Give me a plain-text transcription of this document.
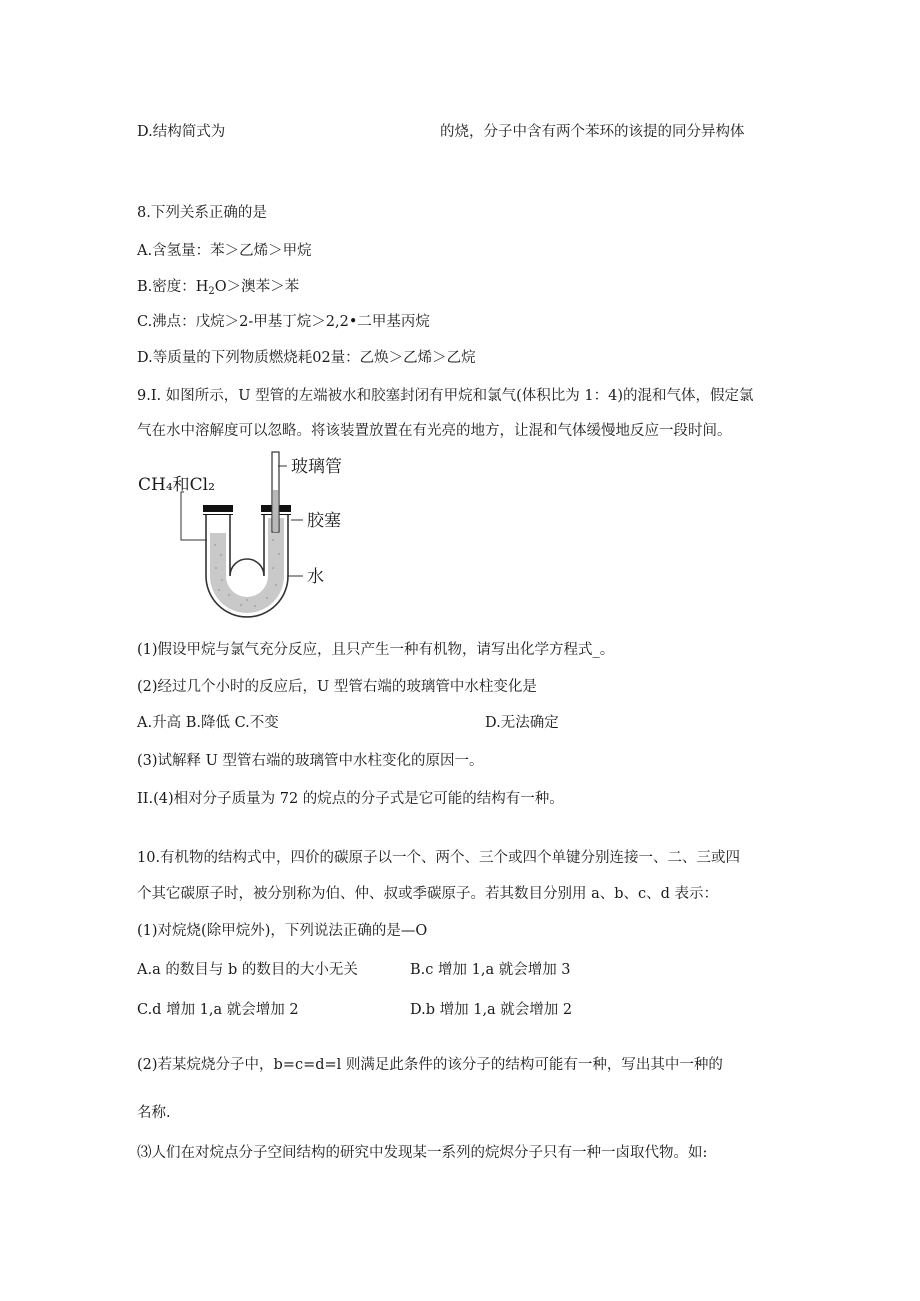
D.结构简式为	的烧，分子中含有两个苯环的该提的同分异构体
8.下列关系正确的是
A.含氢量：苯＞乙烯＞甲烷
B.密度：$H_2O>$澳苯＞苯
C.沸点：戊烷＞2-甲基丁烷＞2,2•二甲基丙烷
D.等质量的下列物质燃烧耗02量：乙焕＞乙烯＞乙烷
9.I. 如图所示，U 型管的左端被水和胶塞封闭有甲烷和氯气(体积比为 1：4)的混和气体，假定氯
气在水中溶解度可以忽略。将该装置放置在有光亮的地方，让混和气体缓慢地反应一段时间。
CH₄和Cl₂
玻璃管
胶塞
水
(1)假设甲烷与氯气充分反应，且只产生一种有机物，请写出化学方程式_。
(2)经过几个小时的反应后，U 型管右端的玻璃管中水柱变化是
A.升高 B.降低 C.不变	D.无法确定
(3)试解释 U 型管右端的玻璃管中水柱变化的原因一。
II.(4)相对分子质量为 72 的烷点的分子式是它可能的结构有一种。
10.有机物的结构式中，四价的碳原子以一个、两个、三个或四个单键分别连接一、二、三或四
个其它碳原子时，被分别称为伯、仲、叔或季碳原子。若其数目分别用 a、b、c、d 表示：
(1)对烷烧(除甲烷外)，下列说法正确的是—O
A.a 的数目与 b 的数目的大小无关	B.c 增加 1,a 就会增加 3
C.d 增加 1,a 就会增加 2	D.b 增加 1,a 就会增加 2
(2)若某烷烧分子中，b=c=d=l 则满足此条件的该分子的结构可能有一种，写出其中一种的
名称.
⑶人们在对烷点分子空间结构的研究中发现某一系列的烷烬分子只有一种一卤取代物。如:
